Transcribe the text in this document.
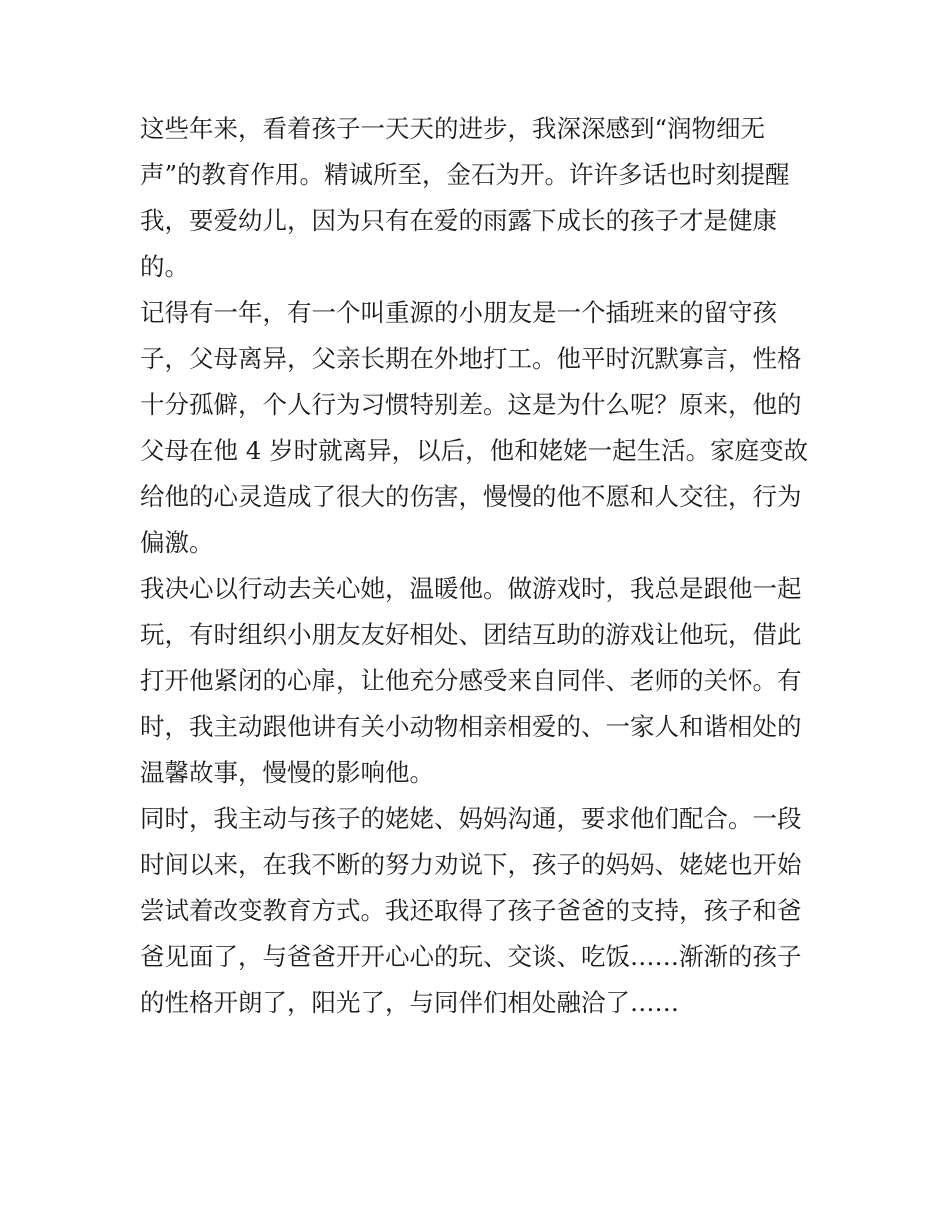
这些年来，看着孩子一天天的进步，我深深感到“润物细无
声”的教育作用。精诚所至，金石为开。许许多话也时刻提醒
我，要爱幼儿，因为只有在爱的雨露下成长的孩子才是健康
的。
记得有一年，有一个叫重源的小朋友是一个插班来的留守孩
子，父母离异，父亲长期在外地打工。他平时沉默寡言，性格
十分孤僻，个人行为习惯特别差。这是为什么呢？原来，他的
父母在他 4 岁时就离异，以后，他和姥姥一起生活。家庭变故
给他的心灵造成了很大的伤害，慢慢的他不愿和人交往，行为
偏激。
我决心以行动去关心她，温暖他。做游戏时，我总是跟他一起
玩，有时组织小朋友友好相处、团结互助的游戏让他玩，借此
打开他紧闭的心扉，让他充分感受来自同伴、老师的关怀。有
时，我主动跟他讲有关小动物相亲相爱的、一家人和谐相处的
温馨故事，慢慢的影响他。
同时，我主动与孩子的姥姥、妈妈沟通，要求他们配合。一段
时间以来，在我不断的努力劝说下，孩子的妈妈、姥姥也开始
尝试着改变教育方式。我还取得了孩子爸爸的支持，孩子和爸
爸见面了，与爸爸开开心心的玩、交谈、吃饭……渐渐的孩子
的性格开朗了，阳光了，与同伴们相处融洽了……
